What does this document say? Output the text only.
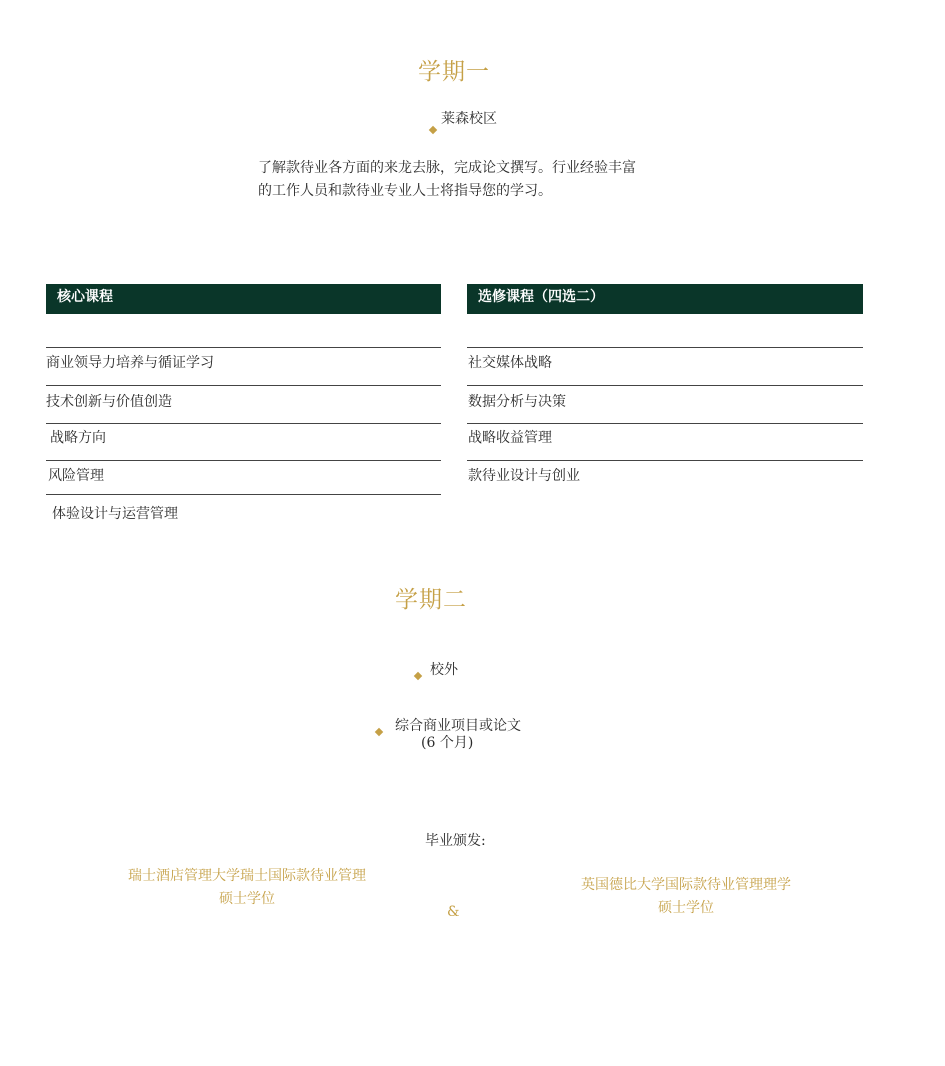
学期一
莱森校区
了解款待业各方面的来龙去脉，完成论文撰写。行业经验丰富
的工作人员和款待业专业人士将指导您的学习。
核心课程
商业领导力培养与循证学习
技术创新与价值创造
战略方向
风险管理
体验设计与运营管理
选修课程（四选二）
社交媒体战略
数据分析与决策
战略收益管理
款待业设计与创业
学期二
校外
综合商业项目或论文
(6 个月)
毕业颁发:
瑞士酒店管理大学瑞士国际款待业管理
硕士学位
&
英国德比大学国际款待业管理理学
硕士学位
